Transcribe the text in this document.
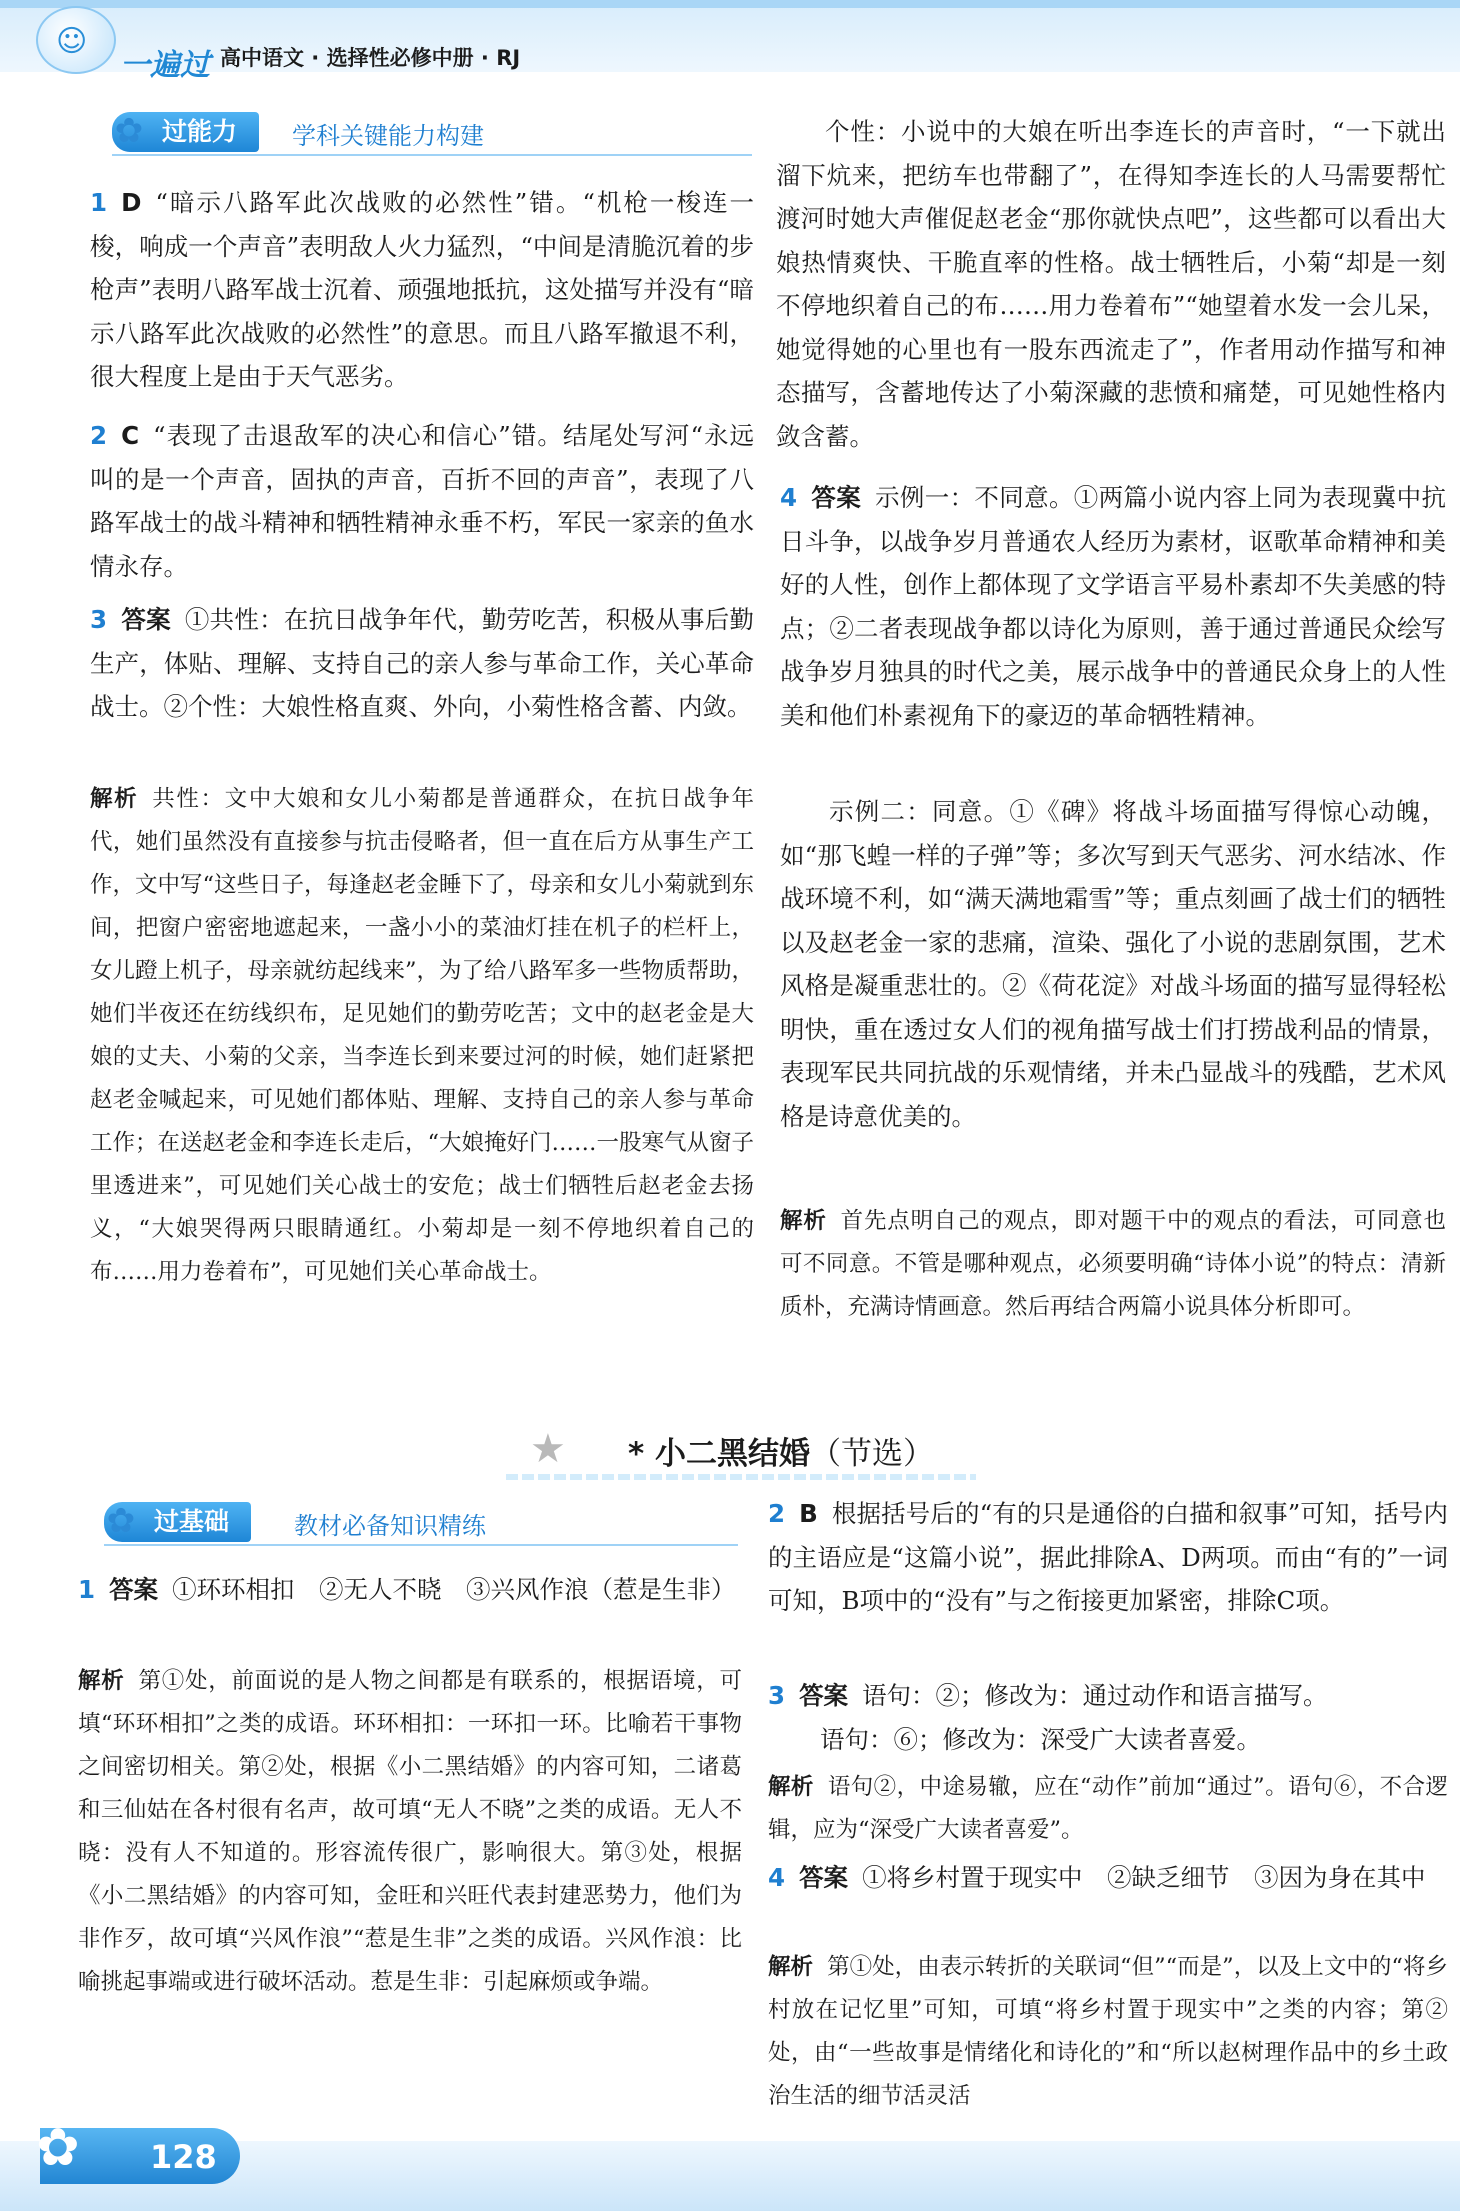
☺
一遍过 高中语文 · 选择性必修中册 · RJ
✿ 过能力	学科关键能力构建
1 D “暗示八路军此次战败的必然性”错。“机枪一梭连一梭，响成一个声音”表明敌人火力猛烈，“中间是清脆沉着的步枪声”表明八路军战士沉着、顽强地抵抗，这处描写并没有“暗示八路军此次战败的必然性”的意思。而且八路军撤退不利，很大程度上是由于天气恶劣。
2 C “表现了击退敌军的决心和信心”错。结尾处写河“永远叫的是一个声音，固执的声音，百折不回的声音”，表现了八路军战士的战斗精神和牺牲精神永垂不朽，军民一家亲的鱼水情永存。
3 答案 ①共性：在抗日战争年代，勤劳吃苦，积极从事后勤生产，体贴、理解、支持自己的亲人参与革命工作，关心革命战士。②个性：大娘性格直爽、外向，小菊性格含蓄、内敛。
解析 共性：文中大娘和女儿小菊都是普通群众，在抗日战争年代，她们虽然没有直接参与抗击侵略者，但一直在后方从事生产工作，文中写“这些日子，每逢赵老金睡下了，母亲和女儿小菊就到东间，把窗户密密地遮起来，一盏小小的菜油灯挂在机子的栏杆上，女儿蹬上机子，母亲就纺起线来”，为了给八路军多一些物质帮助，她们半夜还在纺线织布，足见她们的勤劳吃苦；文中的赵老金是大娘的丈夫、小菊的父亲，当李连长到来要过河的时候，她们赶紧把赵老金喊起来，可见她们都体贴、理解、支持自己的亲人参与革命工作；在送赵老金和李连长走后，“大娘掩好门……一股寒气从窗子里透进来”，可见她们关心战士的安危；战士们牺牲后赵老金去扬义，“大娘哭得两只眼睛通红。小菊却是一刻不停地织着自己的布……用力卷着布”，可见她们关心革命战士。
个性：小说中的大娘在听出李连长的声音时，“一下就出溜下炕来，把纺车也带翻了”，在得知李连长的人马需要帮忙渡河时她大声催促赵老金“那你就快点吧”，这些都可以看出大娘热情爽快、干脆直率的性格。战士牺牲后，小菊“却是一刻不停地织着自己的布……用力卷着布”“她望着水发一会儿呆，她觉得她的心里也有一股东西流走了”，作者用动作描写和神态描写，含蓄地传达了小菊深藏的悲愤和痛楚，可见她性格内敛含蓄。
4 答案 示例一：不同意。①两篇小说内容上同为表现冀中抗日斗争，以战争岁月普通农人经历为素材，讴歌革命精神和美好的人性，创作上都体现了文学语言平易朴素却不失美感的特点；②二者表现战争都以诗化为原则，善于通过普通民众绘写战争岁月独具的时代之美，展示战争中的普通民众身上的人性美和他们朴素视角下的豪迈的革命牺牲精神。
示例二：同意。①《碑》将战斗场面描写得惊心动魄，如“那飞蝗一样的子弹”等；多次写到天气恶劣、河水结冰、作战环境不利，如“满天满地霜雪”等；重点刻画了战士们的牺牲以及赵老金一家的悲痛，渲染、强化了小说的悲剧氛围，艺术风格是凝重悲壮的。②《荷花淀》对战斗场面的描写显得轻松明快，重在透过女人们的视角描写战士们打捞战利品的情景，表现军民共同抗战的乐观情绪，并未凸显战斗的残酷，艺术风格是诗意优美的。
解析 首先点明自己的观点，即对题干中的观点的看法，可同意也可不同意。不管是哪种观点，必须要明确“诗体小说”的特点：清新质朴，充满诗情画意。然后再结合两篇小说具体分析即可。
★ * 小二黑结婚（节选）
✿ 过基础	教材必备知识精练
1 答案 ①环环相扣　②无人不晓　③兴风作浪（惹是生非）
解析 第①处，前面说的是人物之间都是有联系的，根据语境，可填“环环相扣”之类的成语。环环相扣：一环扣一环。比喻若干事物之间密切相关。第②处，根据《小二黑结婚》的内容可知，二诸葛和三仙姑在各村很有名声，故可填“无人不晓”之类的成语。无人不晓：没有人不知道的。形容流传很广，影响很大。第③处，根据《小二黑结婚》的内容可知，金旺和兴旺代表封建恶势力，他们为非作歹，故可填“兴风作浪”“惹是生非”之类的成语。兴风作浪：比喻挑起事端或进行破坏活动。惹是生非：引起麻烦或争端。
2 B 根据括号后的“有的只是通俗的白描和叙事”可知，括号内的主语应是“这篇小说”，据此排除A、D两项。而由“有的”一词可知，B项中的“没有”与之衔接更加紧密，排除C项。
3 答案 语句：②；修改为：通过动作和语言描写。
语句：⑥；修改为：深受广大读者喜爱。
解析 语句②，中途易辙，应在“动作”前加“通过”。语句⑥，不合逻辑，应为“深受广大读者喜爱”。
4 答案 ①将乡村置于现实中　②缺乏细节　③因为身在其中
解析 第①处，由表示转折的关联词“但”“而是”，以及上文中的“将乡村放在记忆里”可知，可填“将乡村置于现实中”之类的内容；第②处，由“一些故事是情绪化和诗化的”和“所以赵树理作品中的乡土政治生活的细节活灵活
✿ 128
